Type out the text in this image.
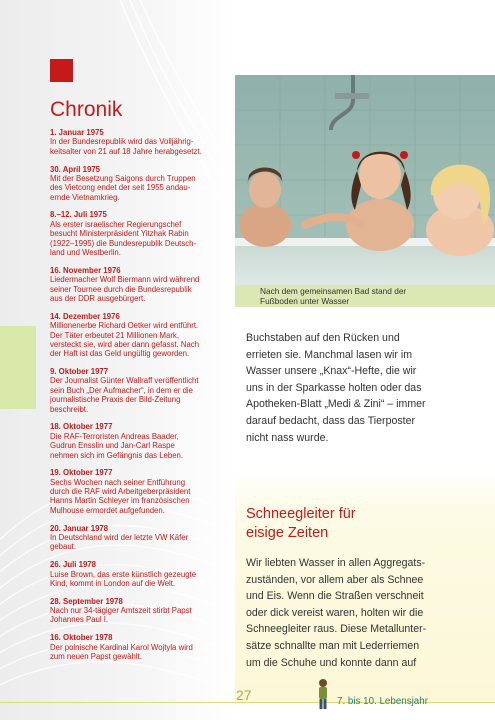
Chronik
1. Januar 1975
In der Bundesrepublik wird das Volljährig-
keitsalter von 21 auf 18 Jahre herabgesetzt.
30. April 1975
Mit der Besetzung Saigons durch Truppen
des Vietcong endet der seit 1955 andau-
ernde Vietnamkrieg.
8.–12. Juli 1975
Als erster israelischer Regierungschef
besucht Ministerpräsident Yitzhak Rabin
(1922–1995) die Bundesrepublik Deutsch-
land und Westberlin.
16. November 1976
Liedermacher Wolf Biermann wird während
seiner Tournee durch die Bundesrepublik
aus der DDR ausgebürgert.
14. Dezember 1976
Millionenerbe Richard Oetker wird entführt.
Der Täter erbeutet 21 Millionen Mark,
versteckt sie, wird aber dann gefasst. Nach
der Haft ist das Geld ungültig geworden.
9. Oktober 1977
Der Journalist Günter Wallraff veröffentlicht
sein Buch „Der Aufmacher“, in dem er die
journalistische Praxis der Bild-Zeitung
beschreibt.
18. Oktober 1977
Die RAF-Terroristen Andreas Baader,
Gudrun Ensslin und Jan-Carl Raspe
nehmen sich im Gefängnis das Leben.
19. Oktober 1977
Sechs Wochen nach seiner Entführung
durch die RAF wird Arbeitgeberpräsident
Hanns Martin Schleyer im französischen
Mulhouse ermordet aufgefunden.
20. Januar 1978
In Deutschland wird der letzte VW Käfer
gebaut.
26. Juli 1978
Luise Brown, das erste künstlich gezeugte
Kind, kommt in London auf die Welt.
28. September 1978
Nach nur 34-tägiger Amtszeit stirbt Papst
Johannes Paul I.
16. Oktober 1978
Der polnische Kardinal Karol Wojtyla wird
zum neuen Papst gewählt.
Nach dem gemeinsamen Bad stand der
Fußboden unter Wasser
Buchstaben auf den Rücken und
errieten sie. Manchmal lasen wir im
Wasser unsere „Knax“-Hefte, die wir
uns in der Sparkasse holten oder das
Apotheken-Blatt „Medi & Zini“ – immer
darauf bedacht, dass das Tierposter
nicht nass wurde.
Schneegleiter für
eisige Zeiten
Wir liebten Wasser in allen Aggregats-
zuständen, vor allem aber als Schnee
und Eis. Wenn die Straßen verschneit
oder dick vereist waren, holten wir die
Schneegleiter raus. Diese Metallunter-
sätze schnallte man mit Lederriemen
um die Schuhe und konnte dann auf
27	7. bis 10. Lebensjahr
